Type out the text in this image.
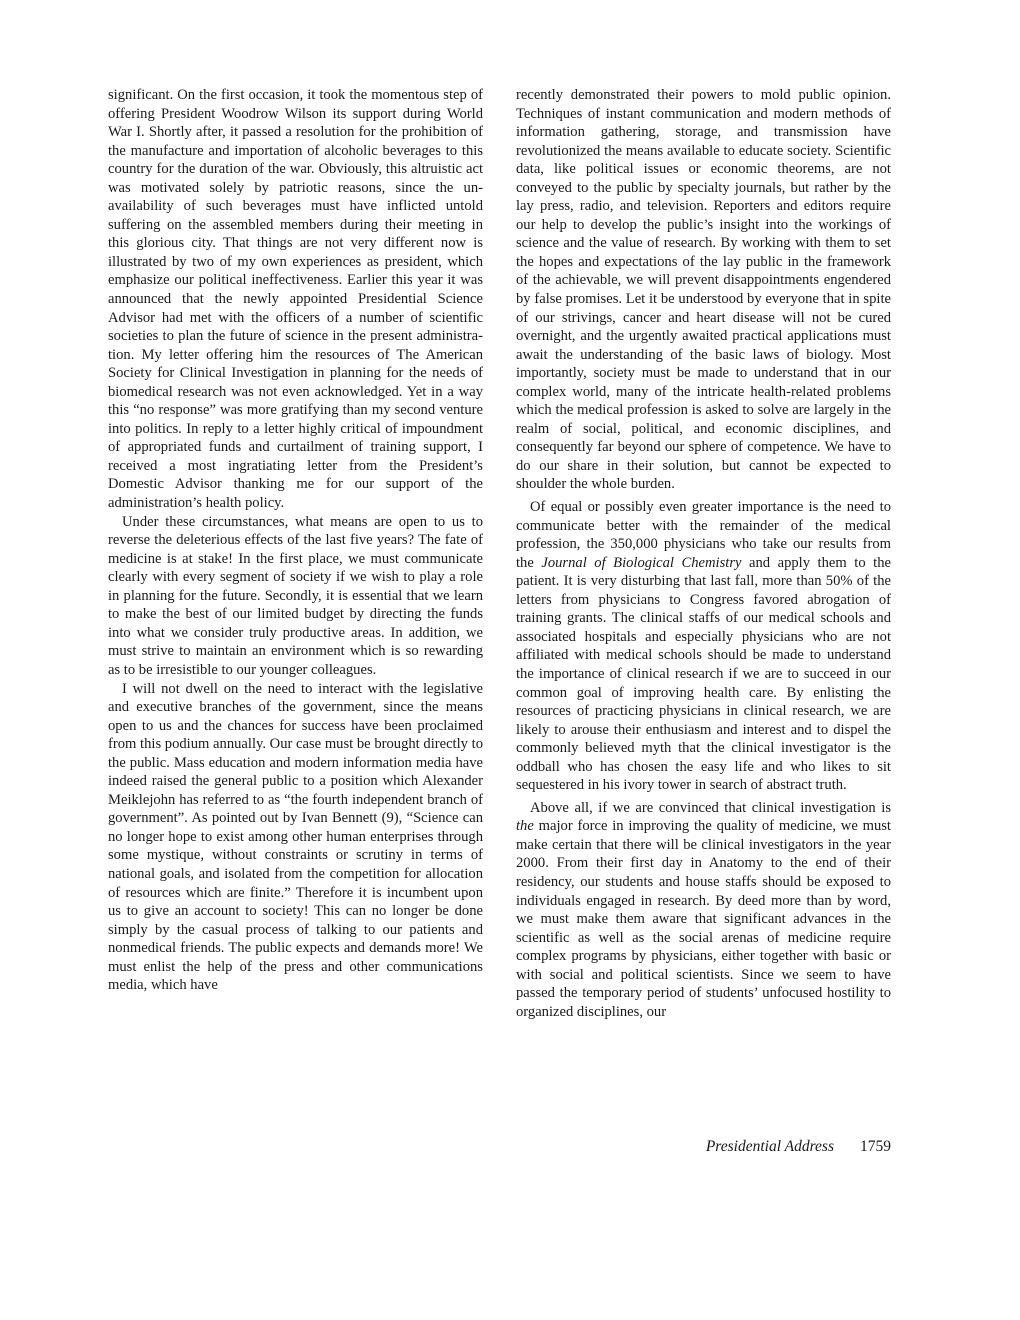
significant. On the first occasion, it took the momentous step of offering President Woodrow Wilson its support during World War I. Shortly after, it passed a resolution for the prohibition of the manufacture and importation of alcoholic beverages to this country for the duration of the war. Obviously, this altruistic act was motivated solely by patriotic reasons, since the unavailability of such beverages must have inflicted untold suffering on the assembled members during their meeting in this glorious city. That things are not very different now is illustrated by two of my own experiences as president, which emphasize our political ineffectiveness. Earlier this year it was announced that the newly appointed Presidential Science Advisor had met with the officers of a number of scientific societies to plan the future of science in the present administration. My letter offering him the resources of The American Society for Clinical Investigation in planning for the needs of biomedical research was not even acknowledged. Yet in a way this “no response” was more gratifying than my second venture into politics. In reply to a letter highly critical of impoundment of appropriated funds and curtailment of training support, I received a most ingratiating letter from the President’s Domestic Advisor thanking me for our support of the administration’s health policy.

Under these circumstances, what means are open to us to reverse the deleterious effects of the last five years? The fate of medicine is at stake! In the first place, we must communicate clearly with every segment of society if we wish to play a role in planning for the future. Secondly, it is essential that we learn to make the best of our limited budget by directing the funds into what we consider truly productive areas. In addition, we must strive to maintain an environment which is so rewarding as to be irresistible to our younger colleagues.

I will not dwell on the need to interact with the legislative and executive branches of the government, since the means open to us and the chances for success have been proclaimed from this podium annually. Our case must be brought directly to the public. Mass education and modern information media have indeed raised the general public to a position which Alexander Meiklejohn has referred to as “the fourth independent branch of government”. As pointed out by Ivan Bennett (9), “Science can no longer hope to exist among other human enterprises through some mystique, without constraints or scrutiny in terms of national goals, and isolated from the competition for allocation of resources which are finite.” Therefore it is incumbent upon us to give an account to society! This can no longer be done simply by the casual process of talking to our patients and nonmedical friends. The public expects and demands more! We must enlist the help of the press and other communications media, which have

recently demonstrated their powers to mold public opinion. Techniques of instant communication and modern methods of information gathering, storage, and transmission have revolutionized the means available to educate society. Scientific data, like political issues or economic theorems, are not conveyed to the public by specialty journals, but rather by the lay press, radio, and television. Reporters and editors require our help to develop the public’s insight into the workings of science and the value of research. By working with them to set the hopes and expectations of the lay public in the framework of the achievable, we will prevent disappointments engendered by false promises. Let it be understood by everyone that in spite of our strivings, cancer and heart disease will not be cured overnight, and the urgently awaited practical applications must await the understanding of the basic laws of biology. Most importantly, society must be made to understand that in our complex world, many of the intricate health-related problems which the medical profession is asked to solve are largely in the realm of social, political, and economic disciplines, and consequently far beyond our sphere of competence. We have to do our share in their solution, but cannot be expected to shoulder the whole burden.

Of equal or possibly even greater importance is the need to communicate better with the remainder of the medical profession, the 350,000 physicians who take our results from the Journal of Biological Chemistry and apply them to the patient. It is very disturbing that last fall, more than 50% of the letters from physicians to Congress favored abrogation of training grants. The clinical staffs of our medical schools and associated hospitals and especially physicians who are not affiliated with medical schools should be made to understand the importance of clinical research if we are to succeed in our common goal of improving health care. By enlisting the resources of practicing physicians in clinical research, we are likely to arouse their enthusiasm and interest and to dispel the commonly believed myth that the clinical investigator is the oddball who has chosen the easy life and who likes to sit sequestered in his ivory tower in search of abstract truth.

Above all, if we are convinced that clinical investigation is the major force in improving the quality of medicine, we must make certain that there will be clinical investigators in the year 2000. From their first day in Anatomy to the end of their residency, our students and house staffs should be exposed to individuals engaged in research. By deed more than by word, we must make them aware that significant advances in the scientific as well as the social arenas of medicine require complex programs by physicians, either together with basic or with social and political scientists. Since we seem to have passed the temporary period of students’ unfocused hostility to organized disciplines, our

Presidential Address 1759
